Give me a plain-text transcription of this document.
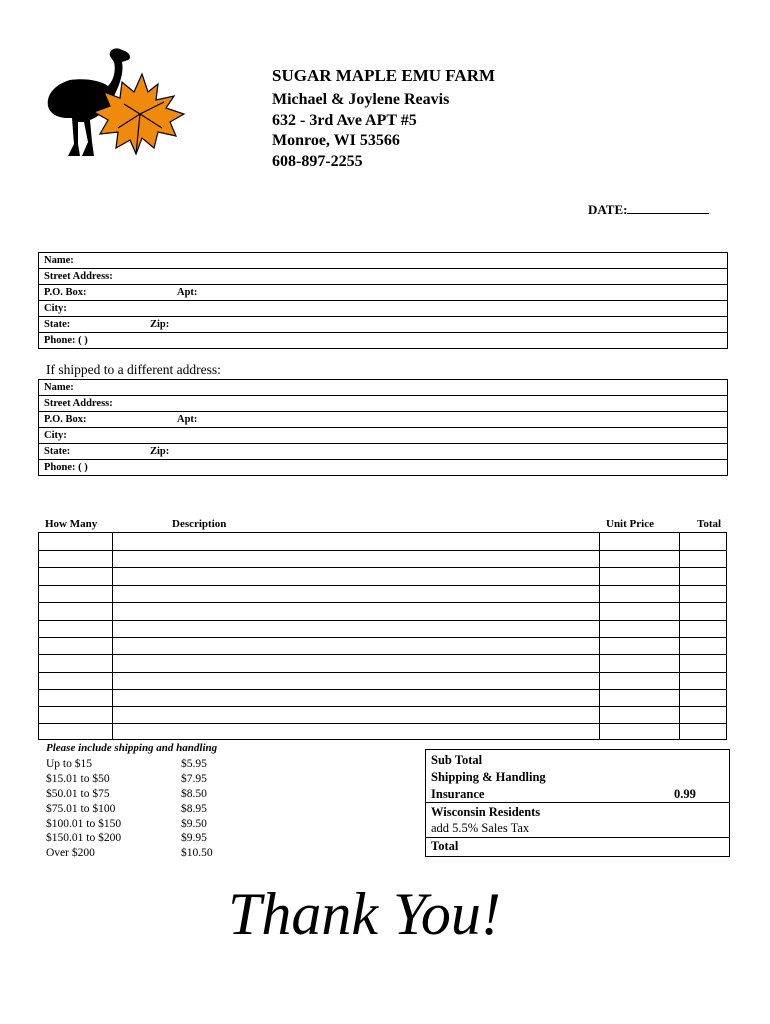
SUGAR MAPLE EMU FARM
Michael & Joylene Reavis
632 - 3rd Ave APT #5
Monroe, WI 53566
608-897-2255
DATE:
Name:
Street Address:
P.O. Box:	Apt:
City:
State:	Zip:
Phone: ( )
If shipped to a different address:
Name:
Street Address:
P.O. Box:	Apt:
City:
State:	Zip:
Phone: ( )
How Many	Description	Unit Price	Total
Please include shipping and handling
Up to $15	$5.95
$15.01 to $50	$7.95
$50.01 to $75	$8.50
$75.01 to $100	$8.95
$100.01 to $150	$9.50
$150.01 to $200	$9.95
Over $200	$10.50
Sub Total
Shipping & Handling
Insurance	0.99
Wisconsin Residents
add 5.5% Sales Tax
Total
Thank You!
